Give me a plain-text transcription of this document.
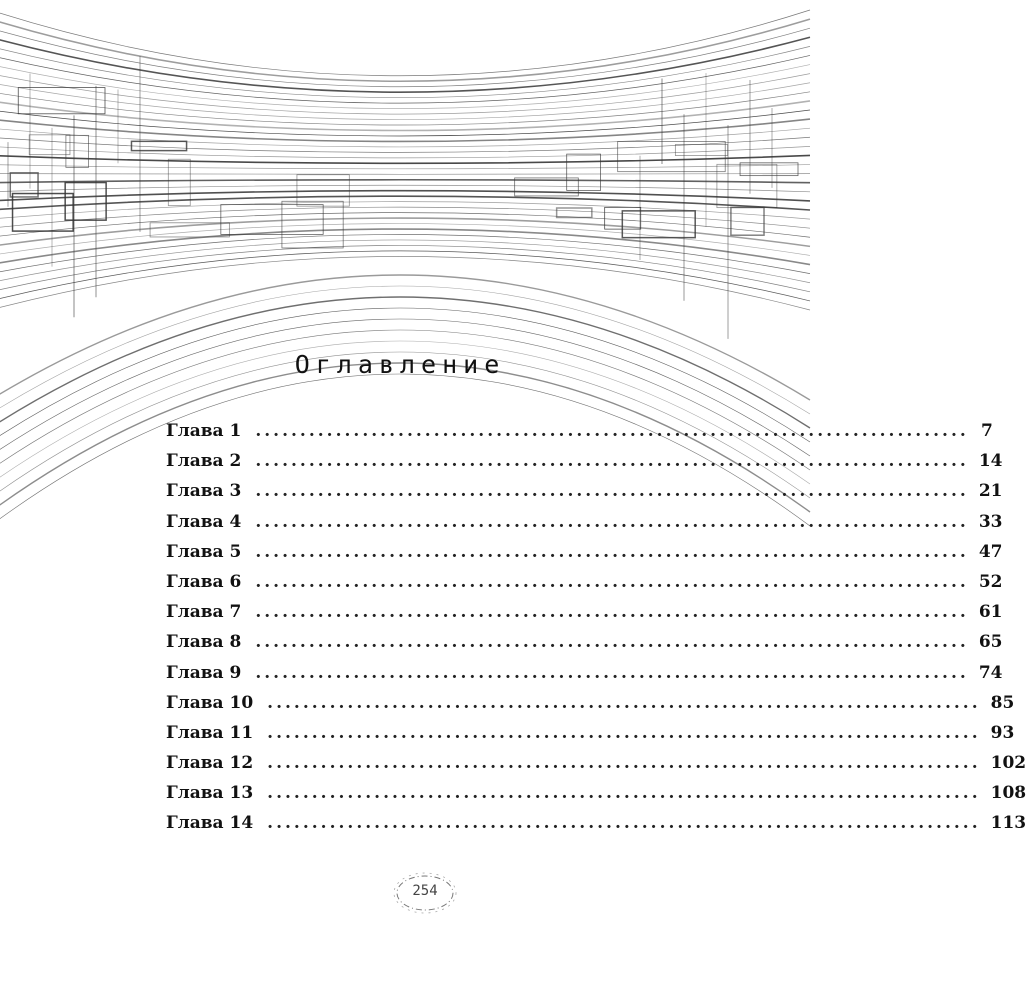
Оглавление
Глава 1 ................................................................................ 7
Глава 2 ................................................................................ 14
Глава 3 ................................................................................ 21
Глава 4 ................................................................................ 33
Глава 5 ................................................................................ 47
Глава 6 ................................................................................ 52
Глава 7 ................................................................................ 61
Глава 8 ................................................................................ 65
Глава 9 ................................................................................ 74
Глава 10 ................................................................................ 85
Глава 11 ................................................................................ 93
Глава 12 ................................................................................ 102
Глава 13 ................................................................................ 108
Глава 14 ................................................................................ 113
254
